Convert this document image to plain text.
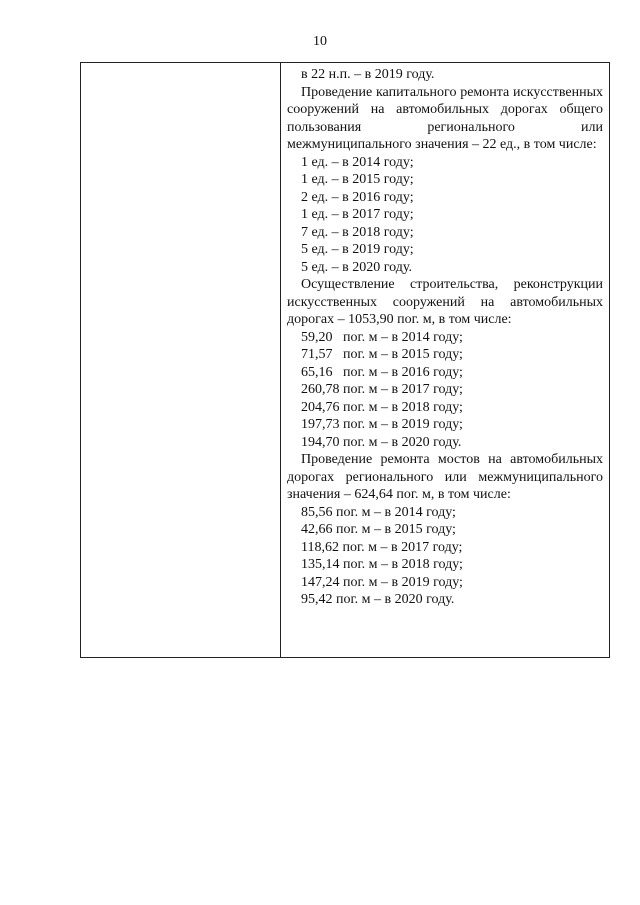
10

в 22 н.п. – в 2019 году.

Проведение капитального ремонта искусственных сооружений на автомобильных дорогах общего пользования регионального или межмуниципального значения – 22 ед., в том числе:

1 ед. – в 2014 году;

1 ед. – в 2015 году;

2 ед. – в 2016 году;

1 ед. – в 2017 году;

7 ед. – в 2018 году;

5 ед. – в 2019 году;

5 ед. – в 2020 году.

Осуществление строительства, реконструкции искусственных сооружений на автомобильных дорогах – 1053,90 пог. м, в том числе:

59,20   пог. м – в 2014 году;

71,57   пог. м – в 2015 году;

65,16   пог. м – в 2016 году;

260,78 пог. м – в 2017 году;

204,76 пог. м – в 2018 году;

197,73 пог. м – в 2019 году;

194,70 пог. м – в 2020 году.

Проведение ремонта мостов на автомобильных дорогах регионального или межмуниципального значения – 624,64 пог. м, в том числе:

85,56 пог. м – в 2014 году;

42,66 пог. м – в 2015 году;

118,62 пог. м – в 2017 году;

135,14 пог. м – в 2018 году;

147,24 пог. м – в 2019 году;

95,42 пог. м – в 2020 году.
